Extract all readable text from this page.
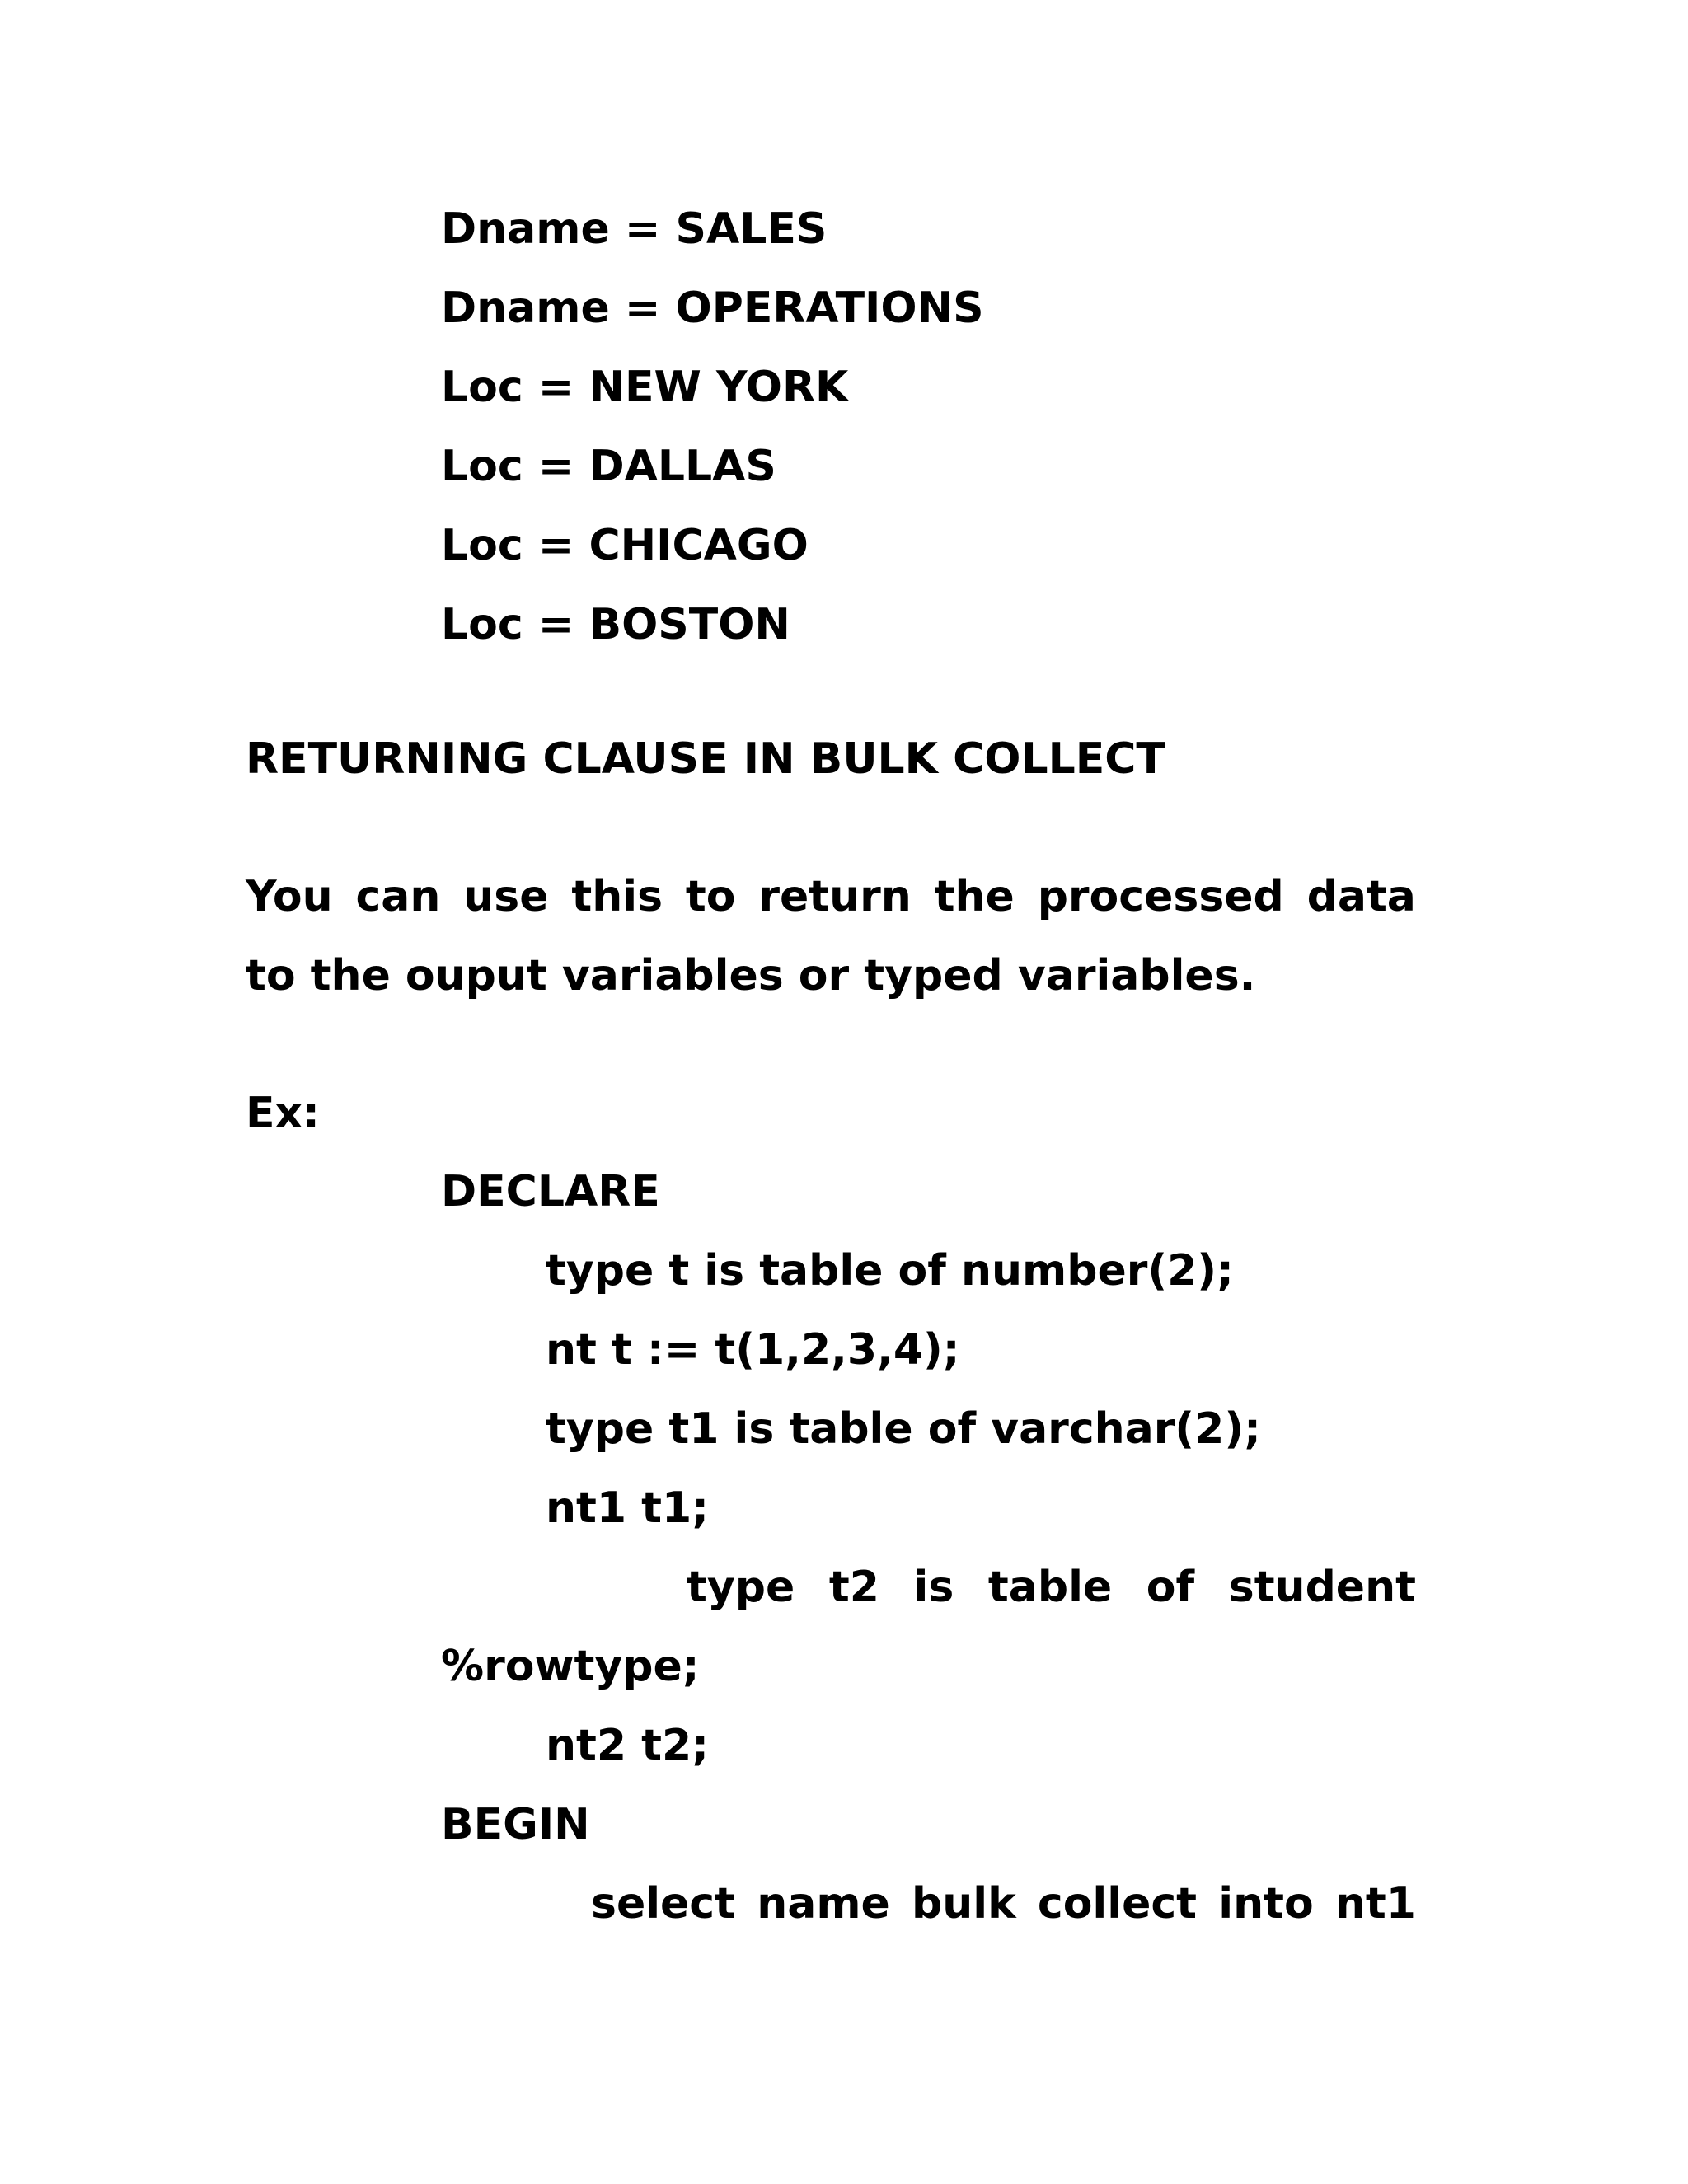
Dname = SALES
Dname = OPERATIONS
Loc = NEW YORK
Loc = DALLAS
Loc = CHICAGO
Loc = BOSTON
RETURNING CLAUSE IN BULK COLLECT
You can use this to return the processed data
to the ouput variables or typed variables.
Ex:
DECLARE
type t is table of number(2);
nt t := t(1,2,3,4);
type t1 is table of varchar(2);
nt1 t1;
type t2 is table of student
%rowtype;
nt2 t2;
BEGIN
select name bulk collect into nt1
